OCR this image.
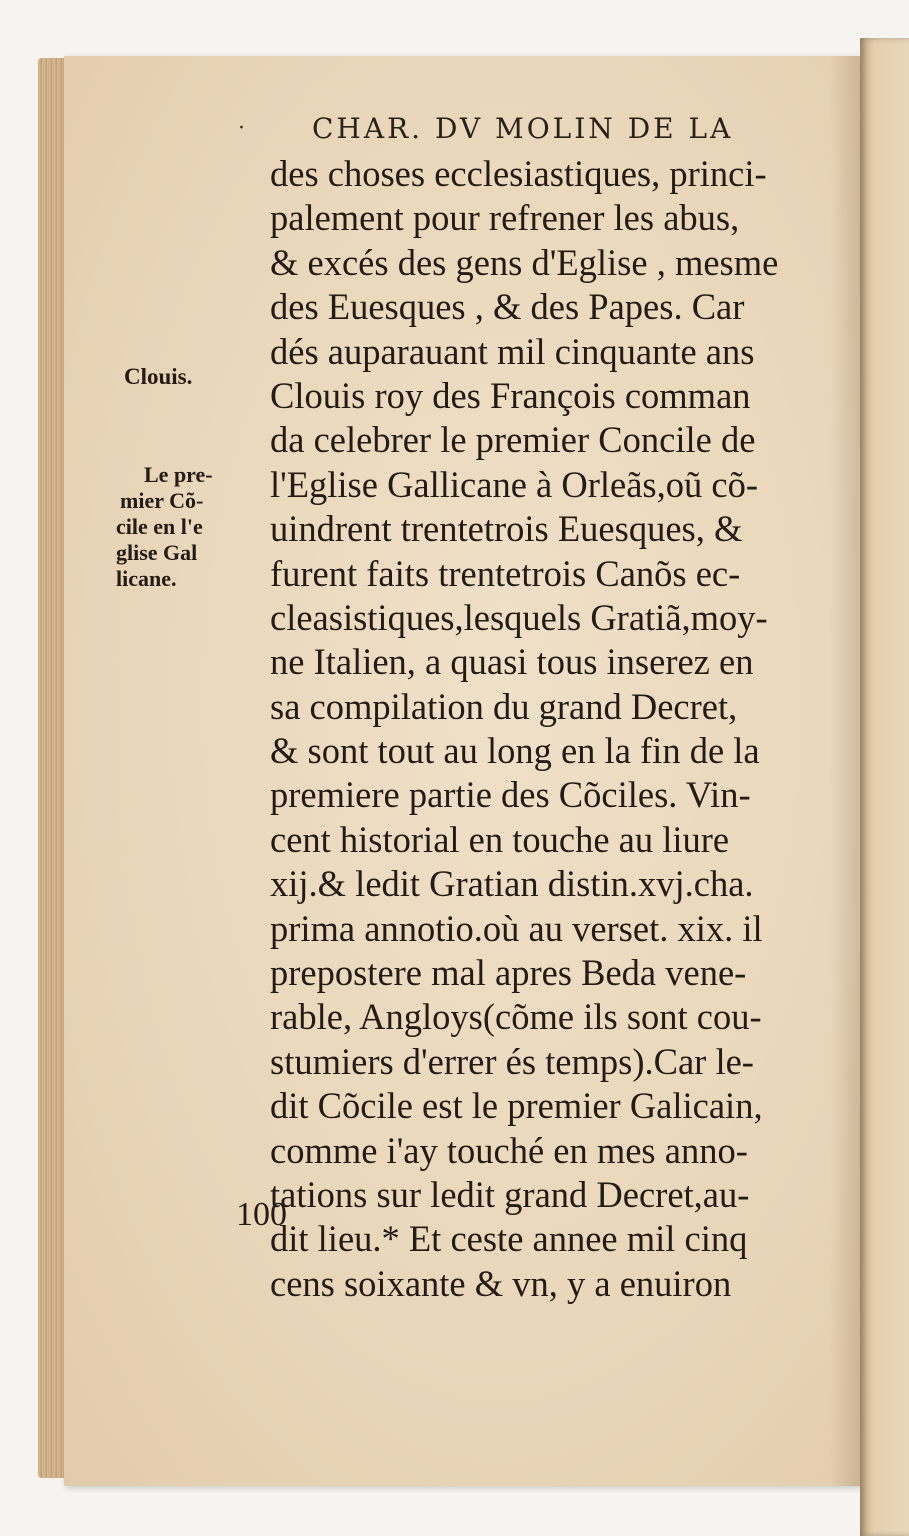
· CHAR. DV MOLIN DE LA
Clouis.
Le pre-
mier Cõ-
cile en l'e
glise Gal
licane.
des choses ecclesiastiques, princi-
palement pour refrener les abus,
& excés des gens d'Eglise , mesme
des Euesques , & des Papes. Car
dés auparauant mil cinquante ans
Clouis roy des François comman
da celebrer le premier Concile de
l'Eglise Gallicane à Orleãs,oũ cõ-
uindrent trentetrois Euesques, &
furent faits trentetrois Canõs ec-
cleasistiques,lesquels Gratiã,moy-
ne Italien, a quasi tous inserez en
sa compilation du grand Decret,
& sont tout au long en la fin de la
premiere partie des Cõciles. Vin-
cent historial en touche au liure
xij.& ledit Gratian distin.xvj.cha.
prima annotio.où au verset. xix. il
prepostere mal apres Beda vene-
rable, Angloys(cõme ils sont cou-
stumiers d'errer és temps).Car le-
dit Cõcile est le premier Galicain,
comme i'ay touché en mes anno-
tations sur ledit grand Decret,au-
dit lieu.* Et ceste annee mil cinq
cens soixante & vn, y a enuiron
100
